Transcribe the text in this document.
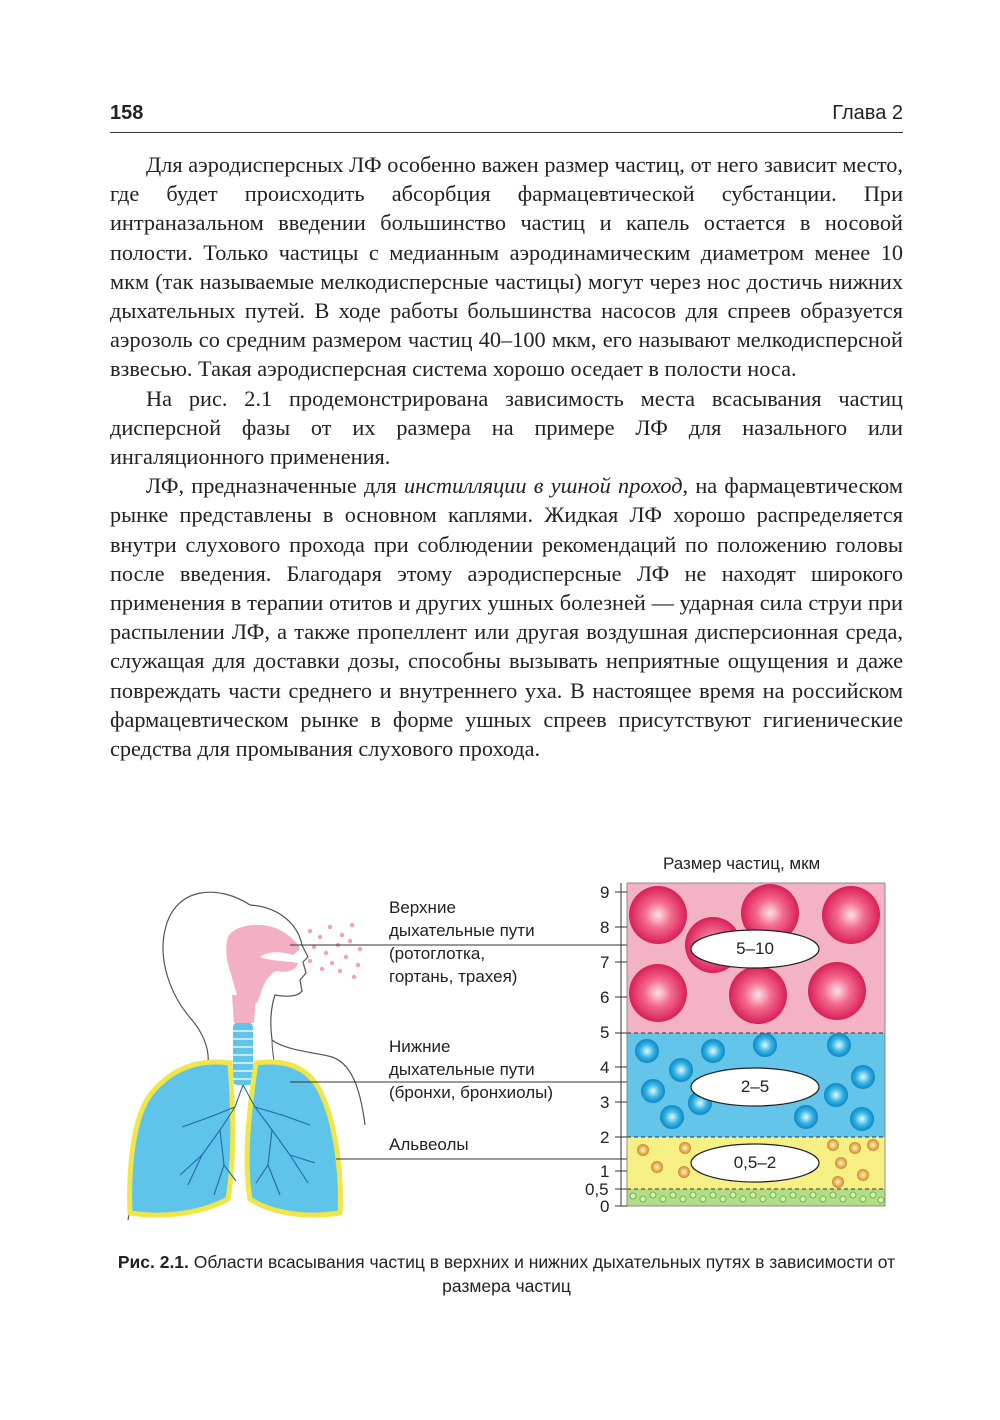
158	Глава 2

Для аэродисперсных ЛФ особенно важен размер частиц, от него зависит место, где будет происходить абсорбция фармацевтической субстанции. При интраназальном введении большинство частиц и капель остается в носовой полости. Только частицы с медианным аэродинамическим диаметром менее 10 мкм (так называемые мелкодисперсные частицы) могут через нос достичь нижних дыхательных путей. В ходе работы большинства насосов для спреев образуется аэрозоль со средним размером частиц 40–100 мкм, его называют мелкодисперсной взвесью. Такая аэродисперсная система хорошо оседает в полости носа.

На рис. 2.1 продемонстрирована зависимость места всасывания частиц дисперсной фазы от их размера на примере ЛФ для назального или ингаляционного применения.

ЛФ, предназначенные для инстилляции в ушной проход, на фармацевтическом рынке представлены в основном каплями. Жидкая ЛФ хорошо распределяется внутри слухового прохода при соблюдении рекомендаций по положению головы после введения. Благодаря этому аэродисперсные ЛФ не находят широкого применения в терапии отитов и других ушных болезней — ударная сила струи при распылении ЛФ, а также пропеллент или другая воздушная дисперсионная среда, служащая для доставки дозы, способны вызывать неприятные ощущения и даже повреждать части среднего и внутреннего уха. В настоящее время на российском фармацевтическом рынке в форме ушных спреев присутствуют гигиенические средства для промывания слухового прохода.

Размер частиц, мкм
9
8
7
6
5
4
3
2
1
0,5
0
Верхние
дыхательные пути
(ротоглотка,
гортань, трахея)
Нижние
дыхательные пути
(бронхи, бронхиолы)
Альвеолы
5–10
2–5
0,5–2
Рис. 2.1. Области всасывания частиц в верхних и нижних дыхательных путях в зависимости от размера частиц
